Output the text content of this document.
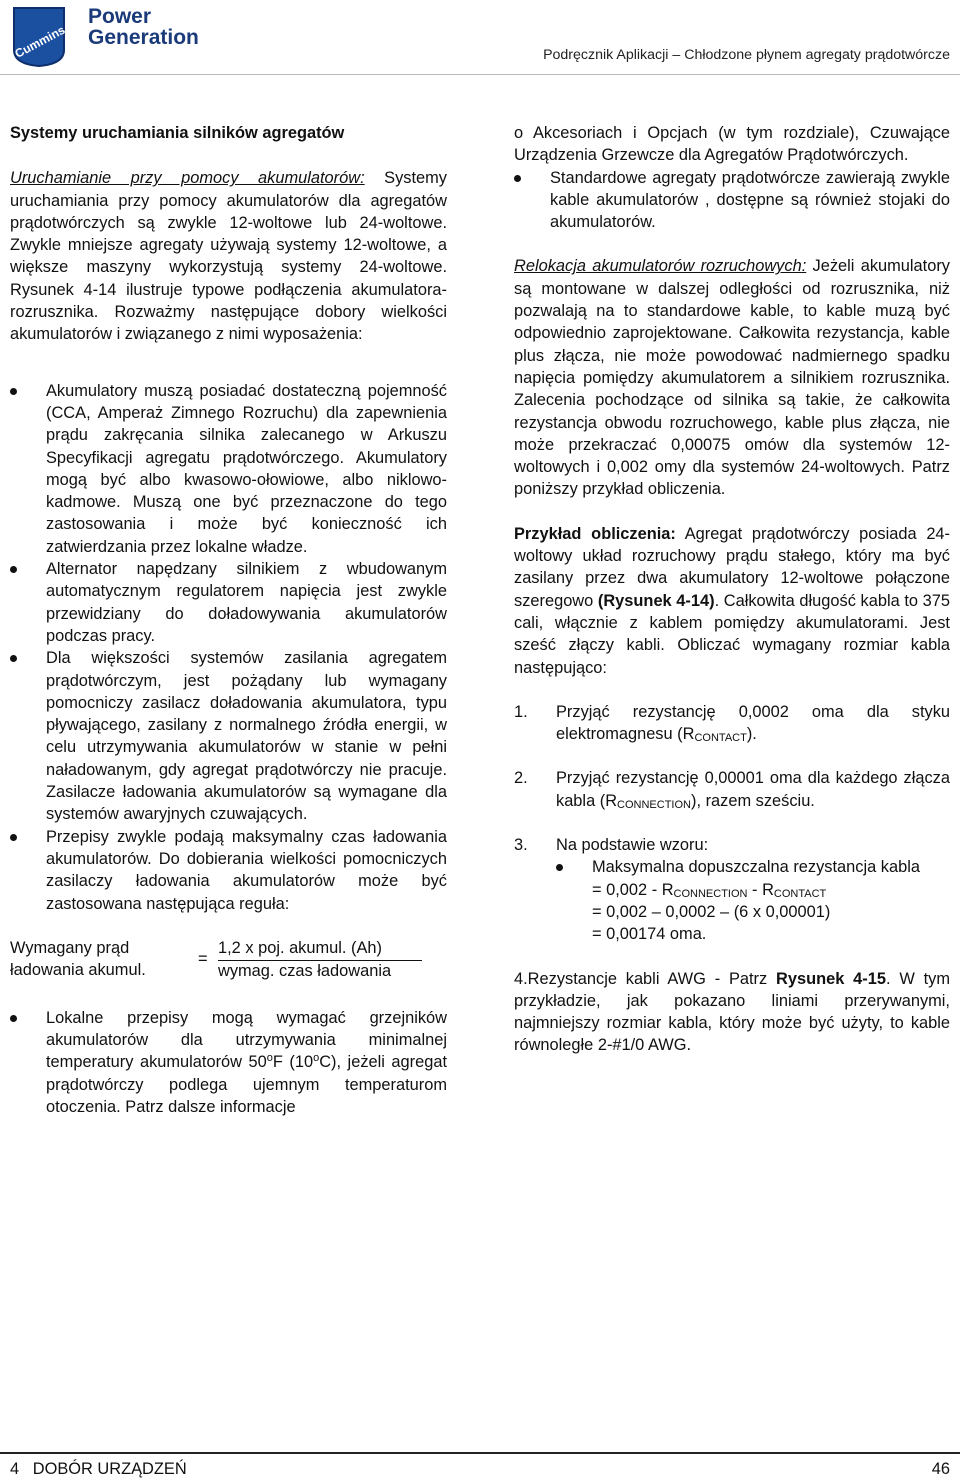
Cummins
Power
Generation
Podręcznik Aplikacji – Chłodzone płynem agregaty prądotwórcze
Systemy uruchamiania silników agregatów

Uruchamianie przy pomocy akumulatorów: Systemy uruchamiania przy pomocy akumulatorów dla agregatów prądotwórczych są zwykle 12-woltowe lub 24-woltowe. Zwykle mniejsze agregaty używają systemy 12-woltowe, a większe maszyny wykorzystują systemy 24-woltowe. Rysunek 4-14 ilustruje typowe podłączenia akumulatora-rozrusznika. Rozważmy następujące dobory wielkości akumulatorów i związanego z nimi wyposażenia:

Akumulatory muszą posiadać dostateczną pojemność (CCA, Amperaż Zimnego Rozruchu) dla zapewnienia prądu zakręcania silnika zalecanego w Arkuszu Specyfikacji agregatu prądotwórczego. Akumulatory mogą być albo kwasowo-ołowiowe, albo niklowo-kadmowe. Muszą one być przeznaczone do tego zastosowania i może być konieczność ich zatwierdzania przez lokalne władze.
Alternator napędzany silnikiem z wbudowanym automatycznym regulatorem napięcia jest zwykle przewidziany do doładowywania akumulatorów podczas pracy.
Dla większości systemów zasilania agregatem prądotwórczym, jest pożądany lub wymagany pomocniczy zasilacz doładowania akumulatora, typu pływającego, zasilany z normalnego źródła energii, w celu utrzymywania akumulatorów w stanie w pełni naładowanym, gdy agregat prądotwórczy nie pracuje. Zasilacze ładowania akumulatorów są wymagane dla systemów awaryjnych czuwających.
Przepisy zwykle podają maksymalny czas ładowania akumulatorów. Do dobierania wielkości pomocniczych zasilaczy ładowania akumulatorów może być zastosowana następująca reguła:
Wymagany prąd
ładowania akumul.
=
1,2 x poj. akumul. (Ah)
wymag. czas ładowania
Lokalne przepisy mogą wymagać grzejników akumulatorów dla utrzymywania minimalnej temperatury akumulatorów 50$^o$F (10$^o$C), jeżeli agregat prądotwórczy podlega ujemnym temperaturom otoczenia. Patrz dalsze informacje
o Akcesoriach i Opcjach (w tym rozdziale), Czuwające Urządzenia Grzewcze dla Agregatów Prądotwórczych.
Standardowe agregaty prądotwórcze zawierają zwykle kable akumulatorów , dostępne są również stojaki do akumulatorów.

Relokacja akumulatorów rozruchowych: Jeżeli akumulatory są montowane w dalszej odległości od rozrusznika, niż pozwalają na to standardowe kable, to kable muzą być odpowiednio zaprojektowane. Całkowita rezystancja, kable plus złącza, nie może powodować nadmiernego spadku napięcia pomiędzy akumulatorem a silnikiem rozrusznika. Zalecenia pochodzące od silnika są takie, że całkowita rezystancja obwodu rozruchowego, kable plus złącza, nie może przekraczać 0,00075 omów dla systemów 12-woltowych i 0,002 omy dla systemów 24-woltowych. Patrz poniższy przykład obliczenia.

Przykład obliczenia: Agregat prądotwórczy posiada 24-woltowy układ rozruchowy prądu stałego, który ma być zasilany przez dwa akumulatory 12-woltowe połączone szeregowo (Rysunek 4-14). Całkowita długość kabla to 375 cali, włącznie z kablem pomiędzy akumulatorami. Jest sześć złączy kabli. Obliczać wymagany rozmiar kabla następująco:

1. Przyjąć rezystancję 0,0002 oma dla styku elektromagnesu $(R_{CONTACT})$.
2. Przyjąć rezystancję 0,00001 oma dla każdego złącza kabla $(R_{CONNECTION})$, razem sześciu.
3. Na podstawie wzoru:
Maksymalna dopuszczalna rezystancja kabla
= $0,002 - R_{CONNECTION} - R_{CONTACT}$
= 0,002 – 0,0002 – (6 x 0,00001)
= 0,00174 oma.

4.Rezystancje kabli AWG - Patrz Rysunek 4-15. W tym przykładzie, jak pokazano liniami przerywanymi, najmniejszy rozmiar kabla, który może być użyty, to kable równoległe 2-#1/0 AWG.

4   DOBÓR URZĄDZEŃ	46
